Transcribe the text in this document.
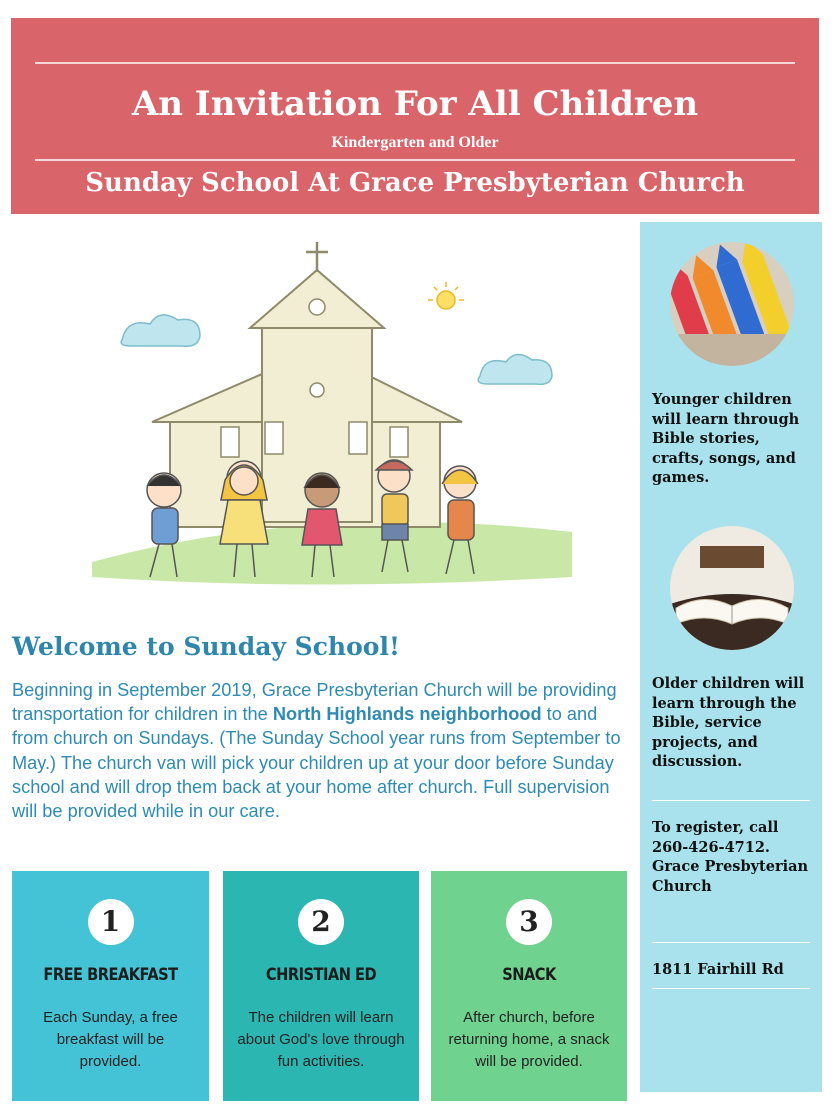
An Invitation For All Children
Kindergarten and Older
Sunday School At Grace Presbyterian Church
Welcome to Sunday School!
Beginning in September 2019, Grace Presbyterian Church will be providing transportation for children in the North Highlands neighborhood to and from church on Sundays. (The Sunday School year runs from September to May.) The church van will pick your children up at your door before Sunday school and will drop them back at your home after church. Full supervision will be provided while in our care.
1
FREE BREAKFAST
Each Sunday, a free breakfast will be provided.
2
CHRISTIAN ED
The children will learn about God's love through fun activities.
3
SNACK
After church, before returning home, a snack will be provided.
Younger children will learn through Bible stories, crafts, songs, and games.
Older children will learn through the Bible, service projects, and discussion.
To register, call 260-426-4712. Grace Presbyterian Church
1811 Fairhill Rd
